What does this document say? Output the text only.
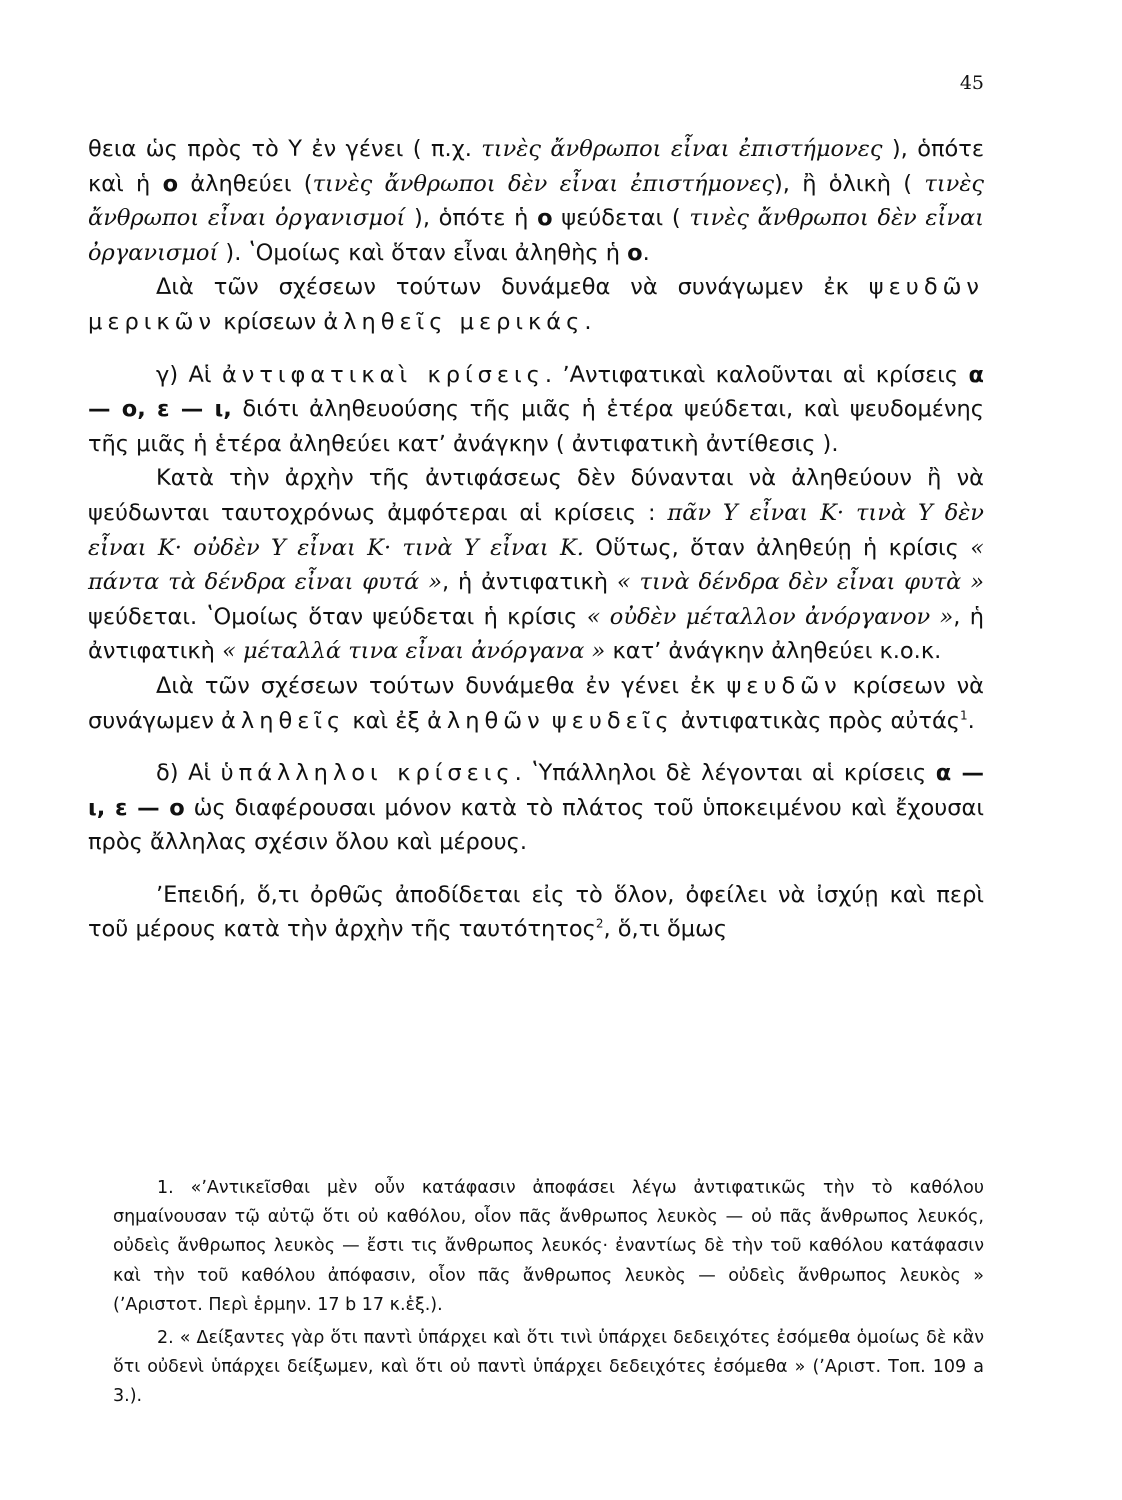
45

θεια ὡς πρὸς τὸ Υ ἐν γένει ( π.χ. τινὲς ἄνθρωποι εἶναι ἐπιστήμονες ), ὁπότε καὶ ἡ ο ἀληθεύει (τινὲς ἄνθρωποι δὲν εἶναι ἐπιστήμονες), ἢ ὁλικὴ ( τινὲς ἄνθρωποι εἶναι ὀργανισμοί ), ὁπότε ἡ ο ψεύδεται ( τινὲς ἄνθρωποι δὲν εἶναι ὀργανισμοί ). ʽΟμοίως καὶ ὅταν εἶναι ἀληθὴς ἡ ο.

Διὰ τῶν σχέσεων τούτων δυνάμεθα νὰ συνάγωμεν ἐκ ψευδῶν μερικῶν κρίσεων ἀληθεῖς μερικάς.

γ) Αἱ ἀντιφατικαὶ κρίσεις. ʼΑντιφατικαὶ καλοῦνται αἱ κρίσεις α — ο, ε — ι, διότι ἀληθευούσης τῆς μιᾶς ἡ ἑτέρα ψεύδεται, καὶ ψευδομένης τῆς μιᾶς ἡ ἑτέρα ἀληθεύει κατʼ ἀνάγκην ( ἀντιφατικὴ ἀντίθεσις ).

Κατὰ τὴν ἀρχὴν τῆς ἀντιφάσεως δὲν δύνανται νὰ ἀληθεύουν ἢ νὰ ψεύδωνται ταυτοχρόνως ἀμφότεραι αἱ κρίσεις : πᾶν Υ εἶναι Κ· τινὰ Υ δὲν εἶναι Κ· οὐδὲν Υ εἶναι Κ· τινὰ Υ εἶναι Κ. Οὕτως, ὅταν ἀληθεύῃ ἡ κρίσις « πάντα τὰ δένδρα εἶναι φυτά », ἡ ἀντιφατικὴ « τινὰ δένδρα δὲν εἶναι φυτὰ » ψεύδεται. ʽΟμοίως ὅταν ψεύδεται ἡ κρίσις « οὐδὲν μέταλλον ἀνόργανον », ἡ ἀντιφατικὴ « μέταλλά τινα εἶναι ἀνόργανα » κατʼ ἀνάγκην ἀληθεύει κ.ο.κ.

Διὰ τῶν σχέσεων τούτων δυνάμεθα ἐν γένει ἐκ ψευδῶν κρίσεων νὰ συνάγωμεν ἀληθεῖς καὶ ἐξ ἀληθῶν ψευδεῖς ἀντιφατικὰς πρὸς αὐτάς$^1$.

δ) Αἱ ὑπάλληλοι κρίσεις. ʽΥπάλληλοι δὲ λέγονται αἱ κρίσεις α — ι, ε — ο ὡς διαφέρουσαι μόνον κατὰ τὸ πλάτος τοῦ ὑποκειμένου καὶ ἔχουσαι πρὸς ἄλληλας σχέσιν ὅλου καὶ μέρους.

ʼΕπειδή, ὅ,τι ὀρθῶς ἀποδίδεται εἰς τὸ ὅλον, ὀφείλει νὰ ἰσχύῃ καὶ περὶ τοῦ μέρους κατὰ τὴν ἀρχὴν τῆς ταυτότητος$^2$, ὅ,τι ὅμως

1. «ʼΑντικεῖσθαι μὲν οὖν κατάφασιν ἀποφάσει λέγω ἀντιφατικῶς τὴν τὸ καθόλου σημαίνουσαν τῷ αὐτῷ ὅτι οὐ καθόλου, οἷον πᾶς ἄνθρωπος λευκὸς — οὐ πᾶς ἄνθρωπος λευκός, οὐδεὶς ἄνθρωπος λευκὸς — ἔστι τις ἄνθρωπος λευκός· ἐναντίως δὲ τὴν τοῦ καθόλου κατάφασιν καὶ τὴν τοῦ καθόλου ἀπόφασιν, οἷον πᾶς ἄνθρωπος λευκὸς — οὐδεὶς ἄνθρωπος λευκὸς » (ʼΑριστοτ. Περὶ ἑρμην. 17 b 17 κ.ἑξ.).

2. « Δείξαντες γὰρ ὅτι παντὶ ὑπάρχει καὶ ὅτι τινὶ ὑπάρχει δεδειχότες ἐσόμεθα ὁμοίως δὲ κἂν ὅτι οὐδενὶ ὑπάρχει δείξωμεν, καὶ ὅτι οὐ παντὶ ὑπάρχει δεδειχότες ἐσόμεθα » (ʼΑριστ. Τοπ. 109 a 3.).
